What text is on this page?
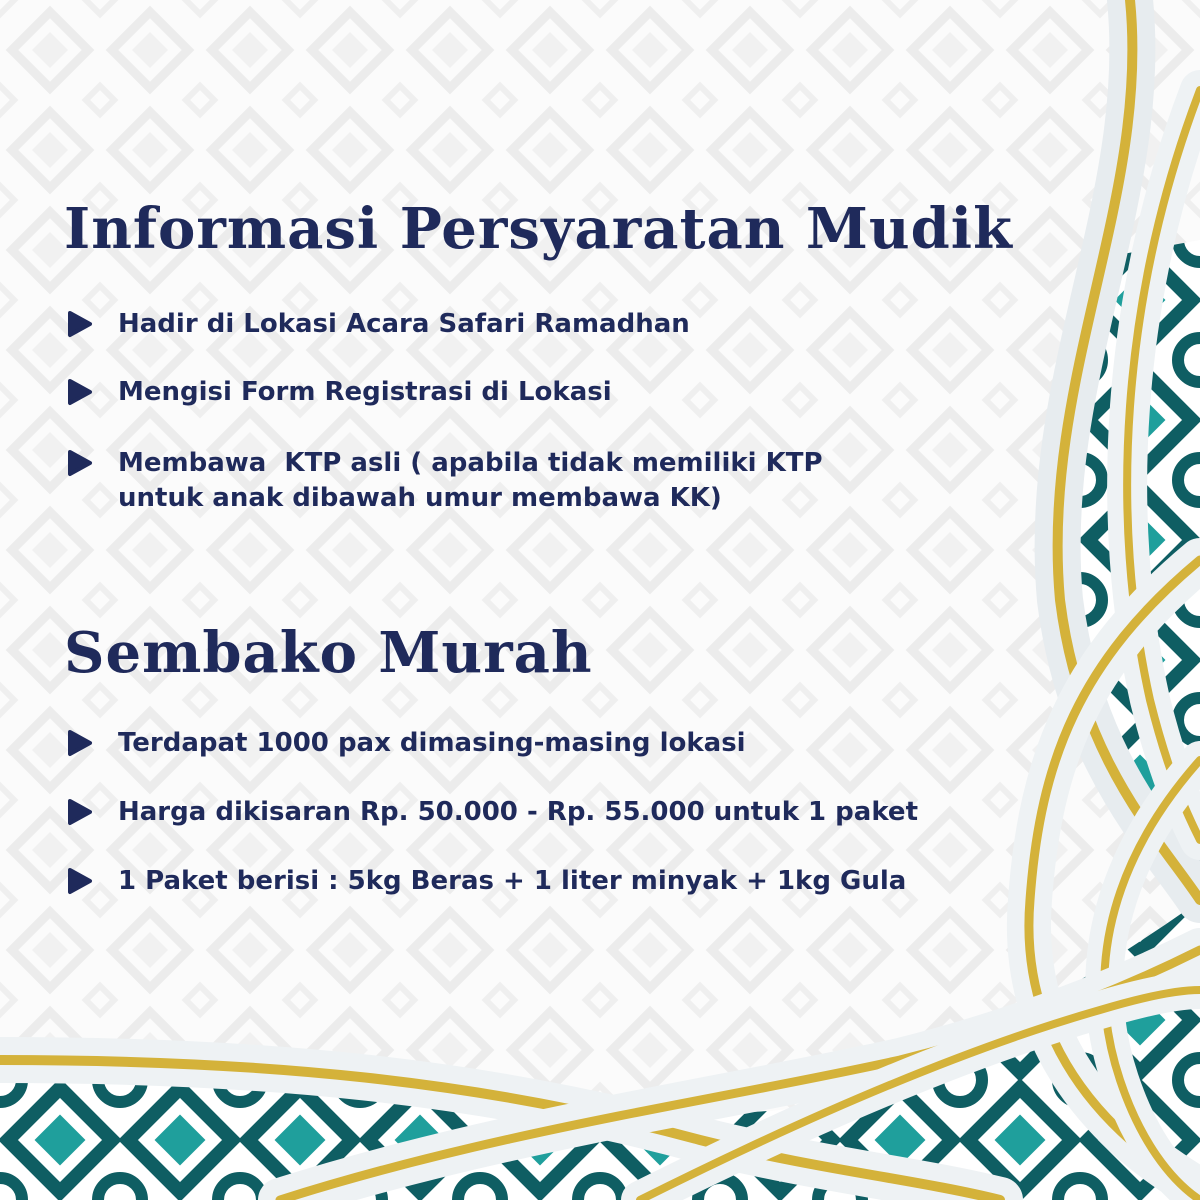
Informasi Persyaratan Mudik
Hadir di Lokasi Acara Safari Ramadhan
Mengisi Form Registrasi di Lokasi
Membawa  KTP asli ( apabila tidak memiliki KTP untuk anak dibawah umur membawa KK)
Sembako Murah
Terdapat 1000 pax dimasing-masing lokasi
Harga dikisaran Rp. 50.000 - Rp. 55.000 untuk 1 paket
1 Paket berisi : 5kg Beras + 1 liter minyak + 1kg Gula
